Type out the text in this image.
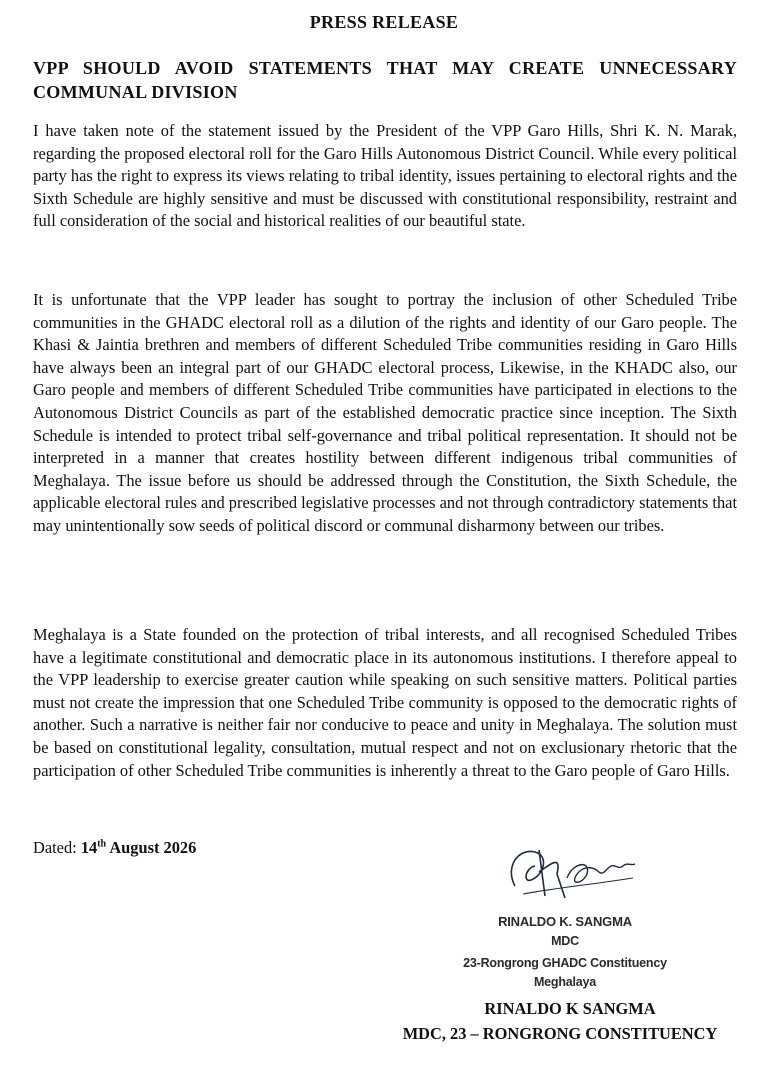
PRESS RELEASE
VPP SHOULD AVOID STATEMENTS THAT MAY CREATE UNNECESSARY COMMUNAL DIVISION

I have taken note of the statement issued by the President of the VPP Garo Hills, Shri K. N. Marak, regarding the proposed electoral roll for the Garo Hills Autonomous District Council. While every political party has the right to express its views relating to tribal identity, issues pertaining to electoral rights and the Sixth Schedule are highly sensitive and must be discussed with constitutional responsibility, restraint and full consideration of the social and historical realities of our beautiful state.

It is unfortunate that the VPP leader has sought to portray the inclusion of other Scheduled Tribe communities in the GHADC electoral roll as a dilution of the rights and identity of our Garo people. The Khasi & Jaintia brethren and members of different Scheduled Tribe communities residing in Garo Hills have always been an integral part of our GHADC electoral process, Likewise, in the KHADC also, our Garo people and members of different Scheduled Tribe communities have participated in elections to the Autonomous District Councils as part of the established democratic practice since inception. The Sixth Schedule is intended to protect tribal self-governance and tribal political representation. It should not be interpreted in a manner that creates hostility between different indigenous tribal communities of Meghalaya. The issue before us should be addressed through the Constitution, the Sixth Schedule, the applicable electoral rules and prescribed legislative processes and not through contradictory statements that may unintentionally sow seeds of political discord or communal disharmony between our tribes.

Meghalaya is a State founded on the protection of tribal interests, and all recognised Scheduled Tribes have a legitimate constitutional and democratic place in its autonomous institutions. I therefore appeal to the VPP leadership to exercise greater caution while speaking on such sensitive matters. Political parties must not create the impression that one Scheduled Tribe community is opposed to the democratic rights of another. Such a narrative is neither fair nor conducive to peace and unity in Meghalaya. The solution must be based on constitutional legality, consultation, mutual respect and not on exclusionary rhetoric that the participation of other Scheduled Tribe communities is inherently a threat to the Garo people of Garo Hills.

Dated: 14th August 2026
RINALDO K. SANGMA
MDC
23-Rongrong GHADC Constituency
Meghalaya
RINALDO K SANGMA
MDC, 23 – RONGRONG CONSTITUENCY
